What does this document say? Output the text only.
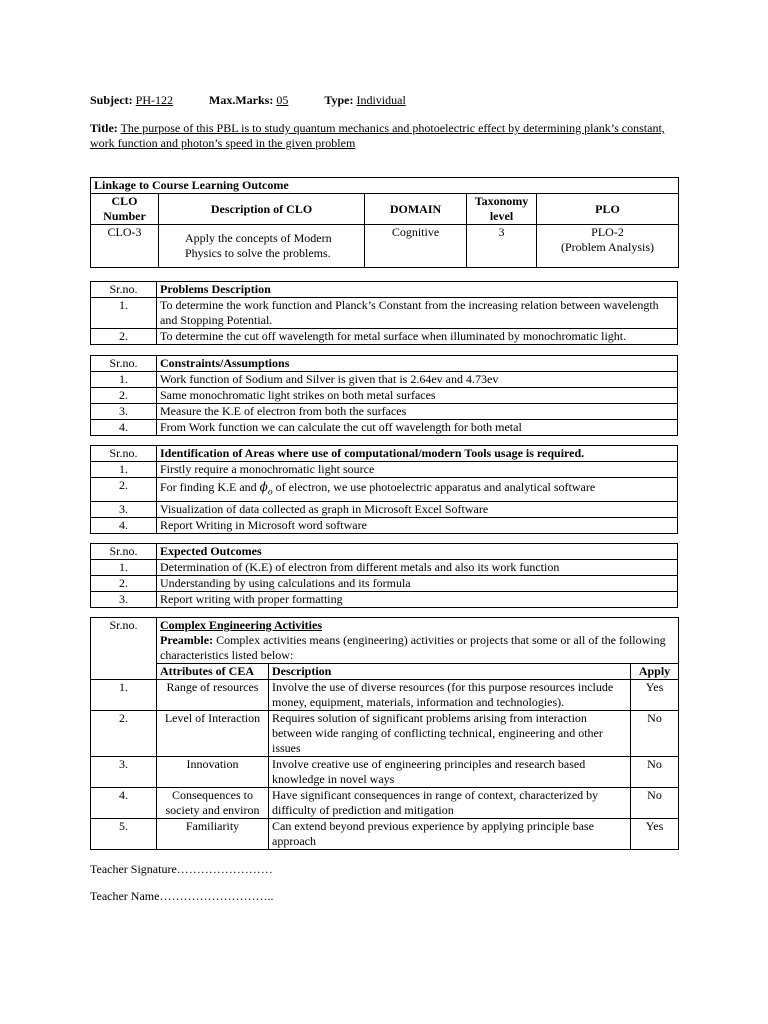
Subject: PH-122	Max.Marks: 05	Type: Individual
Title: The purpose of this PBL is to study quantum mechanics and photoelectric effect by determining plank’s constant, work function and photon’s speed in the given problem
Linkage to Course Learning Outcome				
CLO Number	Description of CLO	DOMAIN	Taxonomy level	PLO
CLO-3	Apply the concepts of Modern Physics to solve the problems.	Cognitive	3	PLO-2
(Problem Analysis)
Sr.no.	Problems Description
1.	To determine the work function and Planck’s Constant from the increasing relation between wavelength and Stopping Potential.
2.	To determine the cut off wavelength for metal surface when illuminated by monochromatic light.
Sr.no.	Constraints/Assumptions
1.	Work function of Sodium and Silver is given that is 2.64ev and 4.73ev
2.	Same monochromatic light strikes on both metal surfaces
3.	Measure the K.E of electron from both the surfaces
4.	From Work function we can calculate the cut off wavelength for both metal
Sr.no.	Identification of Areas where use of computational/modern Tools usage is required.
1.	Firstly require a monochromatic light source
2.	For finding K.E and $\phi_o$ of electron, we use photoelectric apparatus and analytical software
3.	Visualization of data collected as graph in Microsoft Excel Software
4.	Report Writing in Microsoft word software
Sr.no.	Expected Outcomes
1.	Determination of (K.E) of electron from different metals and also its work function
2.	Understanding by using calculations and its formula
3.	Report writing with proper formatting
Sr.no.	Complex Engineering Activities
Preamble: Complex activities means (engineering) activities or projects that some or all of the following characteristics listed below:		

	Attributes of CEA	Description	Apply
1.	Range of resources	Involve the use of diverse resources (for this purpose resources include money, equipment, materials, information and technologies).	Yes
2.	Level of Interaction	Requires solution of significant problems arising from interaction between wide ranging of conflicting technical, engineering and other issues	No
3.	Innovation	Involve creative use of engineering principles and research based knowledge in novel ways	No
4.	Consequences to society and environ	Have significant consequences in range of context, characterized by difficulty of prediction and mitigation	No
5.	Familiarity	Can extend beyond previous experience by applying principle base approach	Yes
Teacher Signature……………………
Teacher Name………………………..
